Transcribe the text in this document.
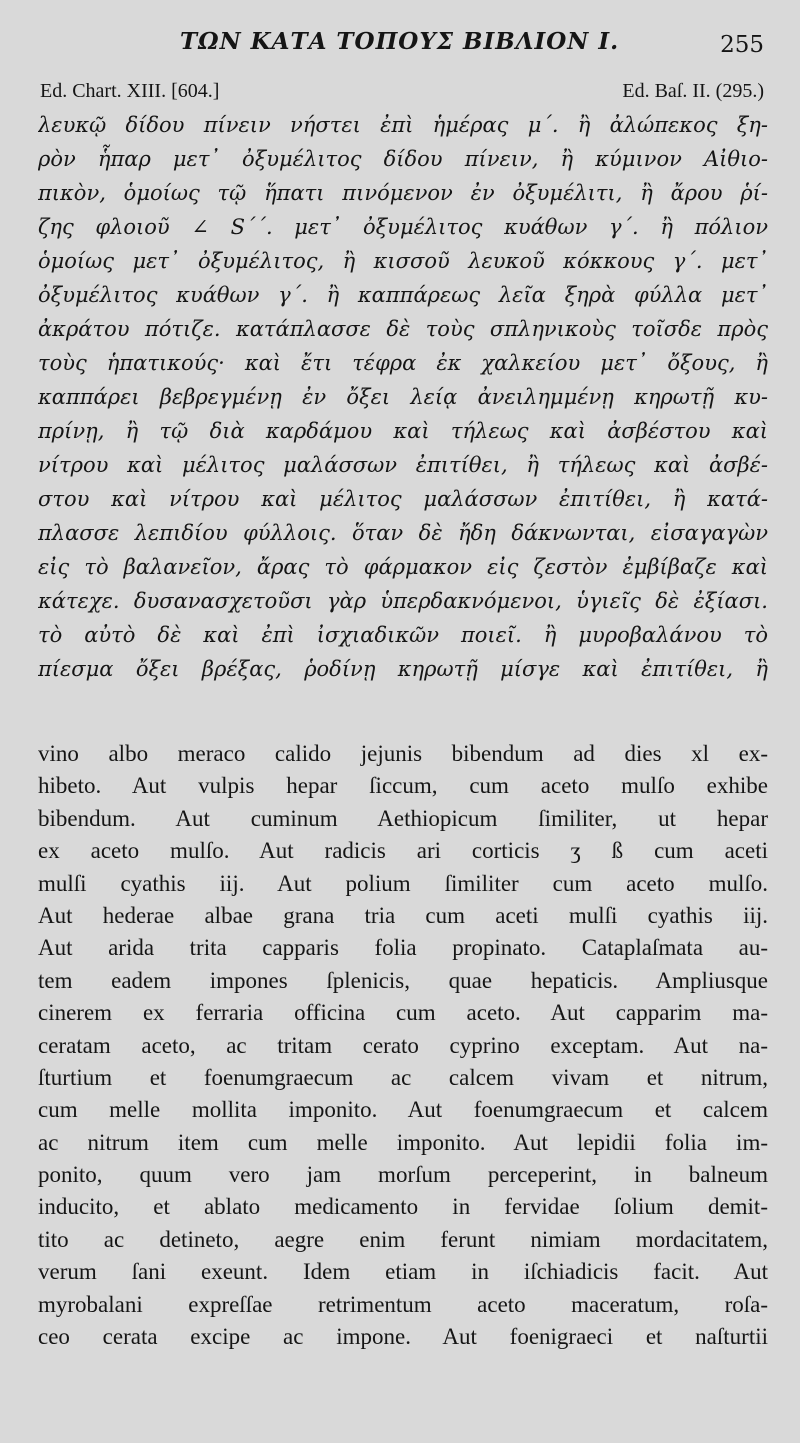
ΤΩΝ ΚΑΤΑ ΤΟΠΟΥΣ ΒΙΒΛΙΟΝ Ι.	255
Ed. Chart. XIII. [604.]	Ed. Baſ. II. (295.)
λευκῷ δίδου πίνειν νήστει ἐπὶ ἡμέρας μ΄. ἢ ἀλώπεκος ξη-
ρὸν ἧπαρ μετ᾽ ὀξυμέλιτος δίδου πίνειν, ἢ κύμινον Αἰθιο-
πικὸν, ὁμοίως τῷ ἥπατι πινόμενον ἐν ὀξυμέλιτι, ἢ ἄρου ῥί-
ζης φλοιοῦ ∠ S΄΄. μετ᾽ ὀξυμέλιτος κυάθων γ΄. ἢ πόλιον
ὁμοίως μετ᾽ ὀξυμέλιτος, ἢ κισσοῦ λευκοῦ κόκκους γ΄. μετ᾽
ὀξυμέλιτος κυάθων γ΄. ἢ καππάρεως λεῖα ξηρὰ φύλλα μετ᾽
ἀκράτου πότιζε. κατάπλασσε δὲ τοὺς σπληνικοὺς τοῖσδε πρὸς
τοὺς ἡπατικούς· καὶ ἔτι τέφρα ἐκ χαλκείου μετ᾽ ὄξους, ἢ
καππάρει βεβρεγμένῃ ἐν ὄξει λείᾳ ἀνειλημμένῃ κηρωτῇ κυ-
πρίνῃ, ἢ τῷ διὰ καρδάμου καὶ τήλεως καὶ ἀσβέστου καὶ
νίτρου καὶ μέλιτος μαλάσσων ἐπιτίθει, ἢ τήλεως καὶ ἀσβέ-
στου καὶ νίτρου καὶ μέλιτος μαλάσσων ἐπιτίθει, ἢ κατά-
πλασσε λεπιδίου φύλλοις. ὅταν δὲ ἤδη δάκνωνται, εἰσαγαγὼν
εἰς τὸ βαλανεῖον, ἄρας τὸ φάρμακον εἰς ζεστὸν ἐμβίβαζε καὶ
κάτεχε. δυσανασχετοῦσι γὰρ ὑπερδακνόμενοι, ὑγιεῖς δὲ ἐξίασι.
τὸ αὐτὸ δὲ καὶ ἐπὶ ἰσχιαδικῶν ποιεῖ. ἢ μυροβαλάνου τὸ
πίεσμα ὄξει βρέξας, ῥοδίνῃ κηρωτῇ μίσγε καὶ ἐπιτίθει, ἢ
vino albo meraco calido jejunis bibendum ad dies xl ex-
hibeto. Aut vulpis hepar ſiccum, cum aceto mulſo exhibe
bibendum. Aut cuminum Aethiopicum ſimiliter, ut hepar
ex aceto mulſo. Aut radicis ari corticis ʒ ß cum aceti
mulſi cyathis iij. Aut polium ſimiliter cum aceto mulſo.
Aut hederae albae grana tria cum aceti mulſi cyathis iij.
Aut arida trita capparis folia propinato. Cataplaſmata au-
tem eadem impones ſplenicis, quae hepaticis. Ampliusque
cinerem ex ferraria officina cum aceto. Aut capparim ma-
ceratam aceto, ac tritam cerato cyprino exceptam. Aut na-
ſturtium et foenumgraecum ac calcem vivam et nitrum,
cum melle mollita imponito. Aut foenumgraecum et calcem
ac nitrum item cum melle imponito. Aut lepidii folia im-
ponito, quum vero jam morſum perceperint, in balneum
inducito, et ablato medicamento in fervidae ſolium demit-
tito ac detineto, aegre enim ferunt nimiam mordacitatem,
verum ſani exeunt. Idem etiam in iſchiadicis facit. Aut
myrobalani expreſſae retrimentum aceto maceratum, roſa-
ceo cerata excipe ac impone. Aut foenigraeci et naſturtii
